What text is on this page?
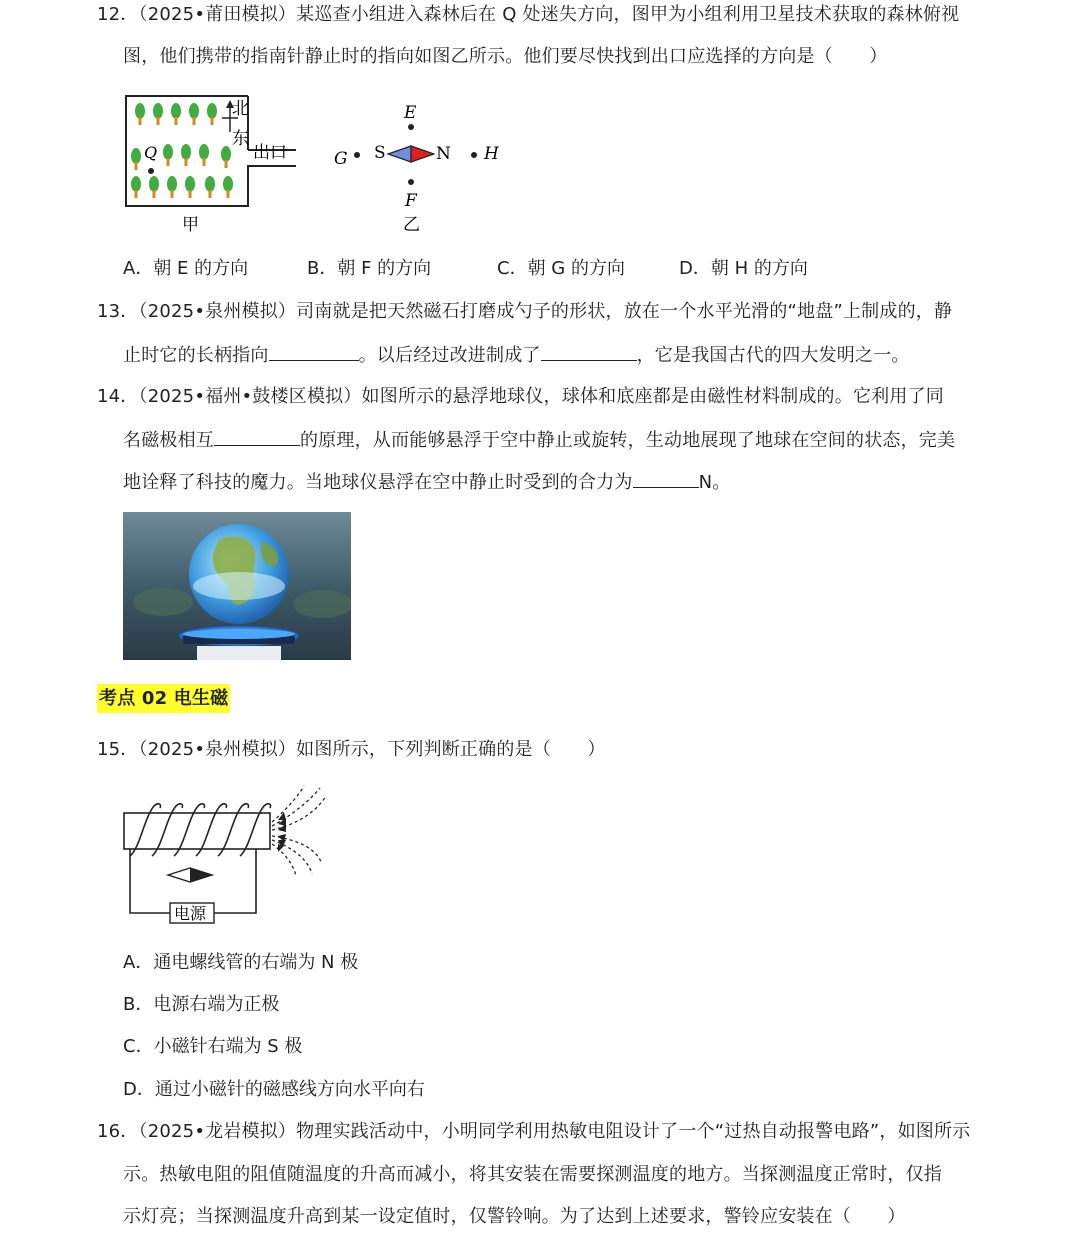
12．（2025•莆田模拟）某巡查小组进入森林后在 Q 处迷失方向，图甲为小组利用卫星技术获取的森林俯视
图，他们携带的指南针静止时的指向如图乙所示。他们要尽快找到出口应选择的方向是（　　）
Q
北
东
出口
甲
E
G S	N H
F
乙
A．朝 E 的方向	B．朝 F 的方向	C．朝 G 的方向	D．朝 H 的方向
13．（2025•泉州模拟）司南就是把天然磁石打磨成勺子的形状，放在一个水平光滑的“地盘”上制成的，静
止时它的长柄指向	。以后经过改进制成了	，它是我国古代的四大发明之一。
14．（2025•福州•鼓楼区模拟）如图所示的悬浮地球仪，球体和底座都是由磁性材料制成的。它利用了同
名磁极相互	的原理，从而能够悬浮于空中静止或旋转，生动地展现了地球在空间的状态，完美
地诠释了科技的魔力。当地球仪悬浮在空中静止时受到的合力为	N。
考点 02 电生磁
15．（2025•泉州模拟）如图所示，下列判断正确的是（　　）
电源
A．通电螺线管的右端为 N 极
B．电源右端为正极
C．小磁针右端为 S 极
D．通过小磁针的磁感线方向水平向右
16．（2025•龙岩模拟）物理实践活动中，小明同学利用热敏电阻设计了一个“过热自动报警电路”，如图所示
示。热敏电阻的阻值随温度的升高而减小，将其安装在需要探测温度的地方。当探测温度正常时，仅指
示灯亮；当探测温度升高到某一设定值时，仅警铃响。为了达到上述要求，警铃应安装在（　　）
